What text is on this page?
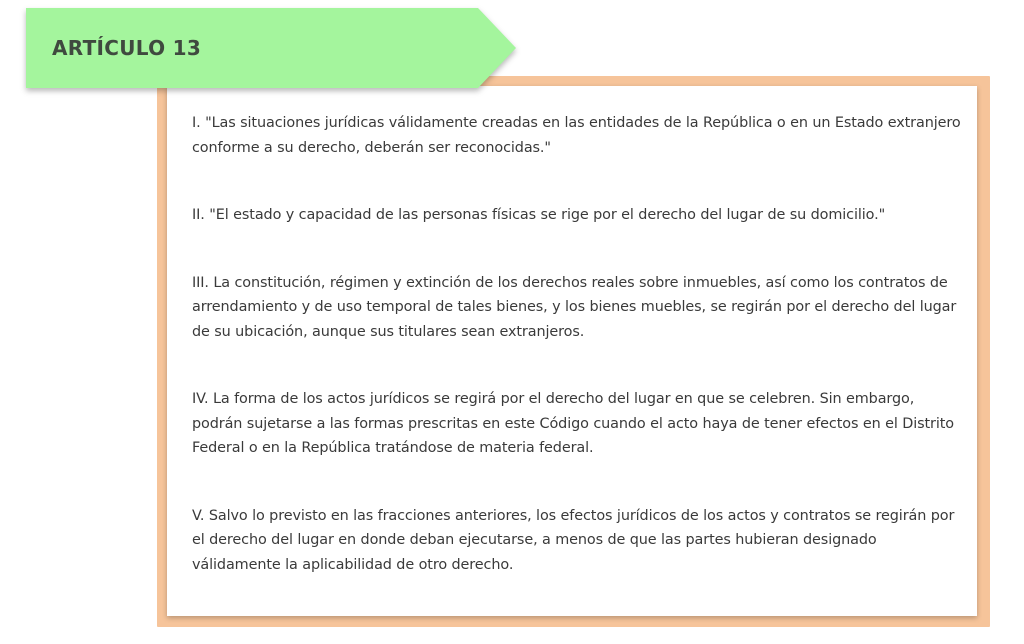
I. "Las situaciones jurídicas válidamente creadas en las entidades de la República o en un Estado extranjero conforme a su derecho, deberán ser reconocidas."

II. "El estado y capacidad de las personas físicas se rige por el derecho del lugar de su domicilio."

III. La constitución, régimen y extinción de los derechos reales sobre inmuebles, así como los contratos de arrendamiento y de uso temporal de tales bienes, y los bienes muebles, se regirán por el derecho del lugar de su ubicación, aunque sus titulares sean extranjeros.

IV. La forma de los actos jurídicos se regirá por el derecho del lugar en que se celebren. Sin embargo, podrán sujetarse a las formas prescritas en este Código cuando el acto haya de tener efectos en el Distrito Federal o en la República tratándose de materia federal.

V. Salvo lo previsto en las fracciones anteriores, los efectos jurídicos de los actos y contratos se regirán por el derecho del lugar en donde deban ejecutarse, a menos de que las partes hubieran designado válidamente la aplicabilidad de otro derecho.

ARTÍCULO 13
